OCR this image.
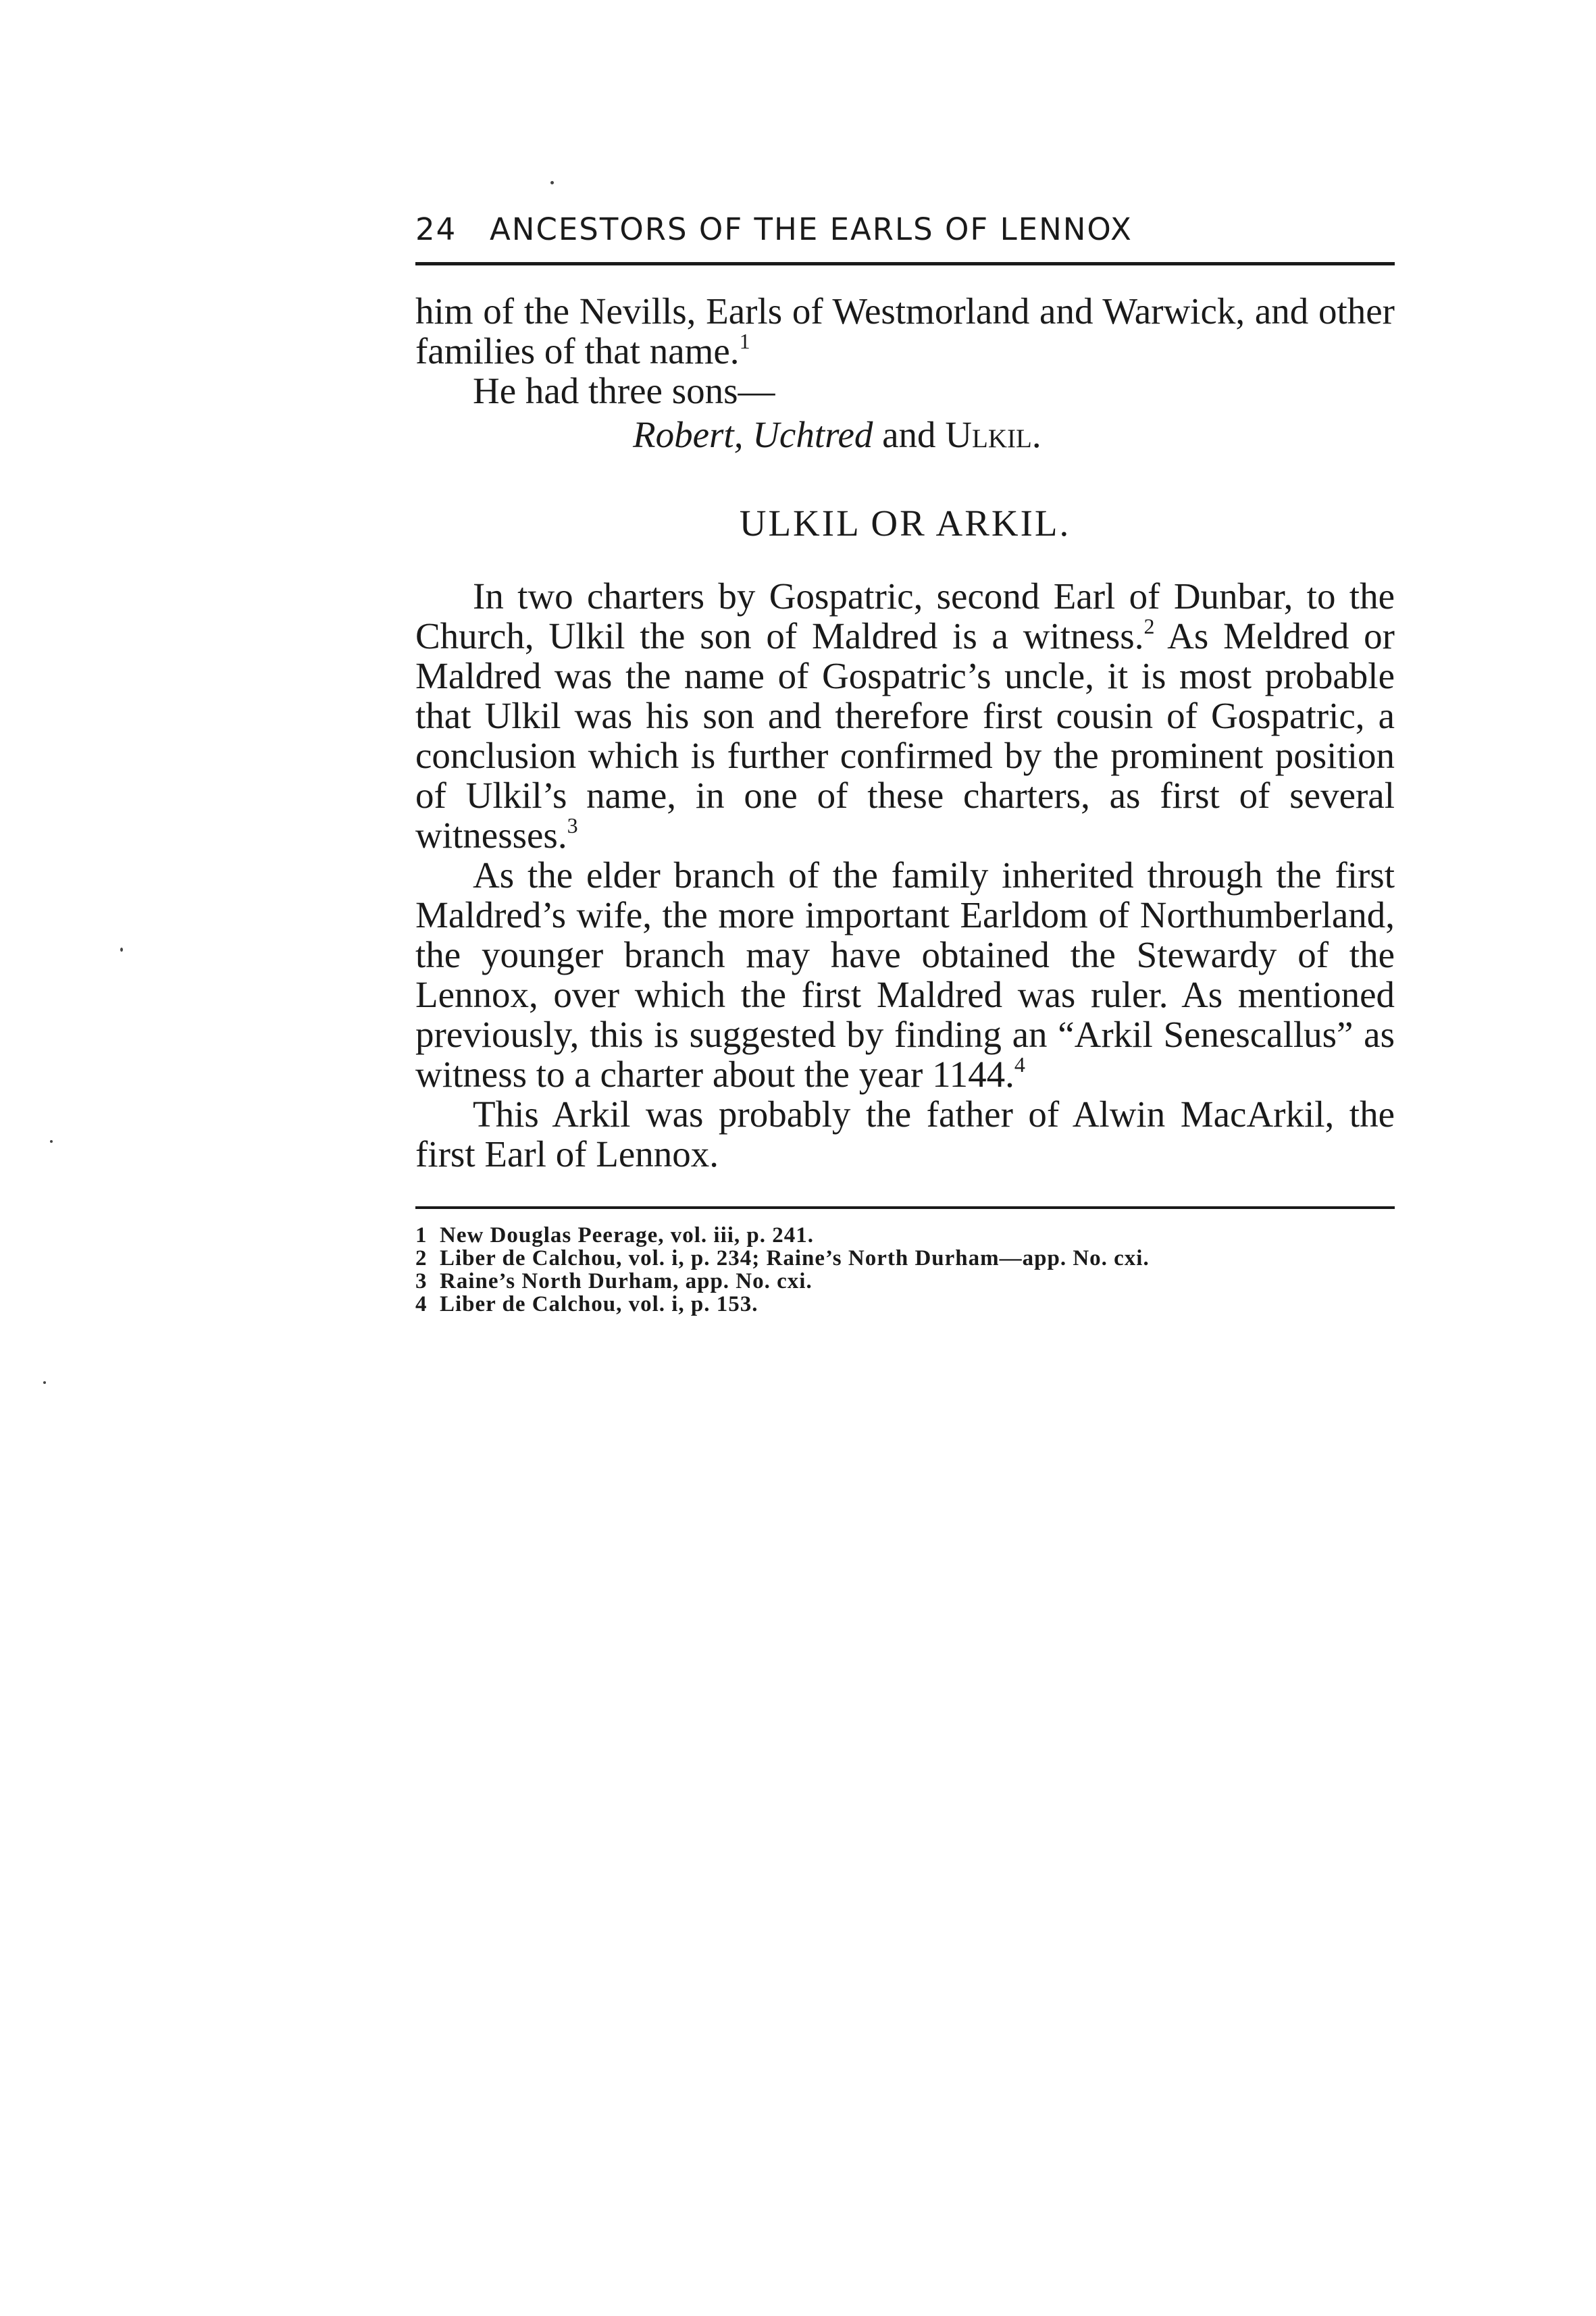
24	ANCESTORS OF THE EARLS OF LENNOX

him of the Nevills, Earls of Westmorland and Warwick, and other families of that name.$^1$

He had three sons—

Robert, Uchtred and Ulkil.

ULKIL OR ARKIL.

In two charters by Gospatric, second Earl of Dunbar, to the Church, Ulkil the son of Maldred is a witness.$^2$ As Meldred or Maldred was the name of Gospatric’s uncle, it is most probable that Ulkil was his son and therefore first cousin of Gospatric, a conclusion which is further confirmed by the prominent position of Ulkil’s name, in one of these charters, as first of several witnesses.$^3$

As the elder branch of the family inherited through the first Maldred’s wife, the more important Earldom of Northumberland, the younger branch may have obtained the Stewardy of the Lennox, over which the first Maldred was ruler. As mentioned previously, this is suggested by finding an “Arkil Senescallus” as witness to a charter about the year 1144.$^4$

This Arkil was probably the father of Alwin MacArkil, the first Earl of Lennox.

1 New Douglas Peerage, vol. iii, p. 241.

2 Liber de Calchou, vol. i, p. 234; Raine’s North Durham—app. No. cxi.

3 Raine’s North Durham, app. No. cxi.

4 Liber de Calchou, vol. i, p. 153.
